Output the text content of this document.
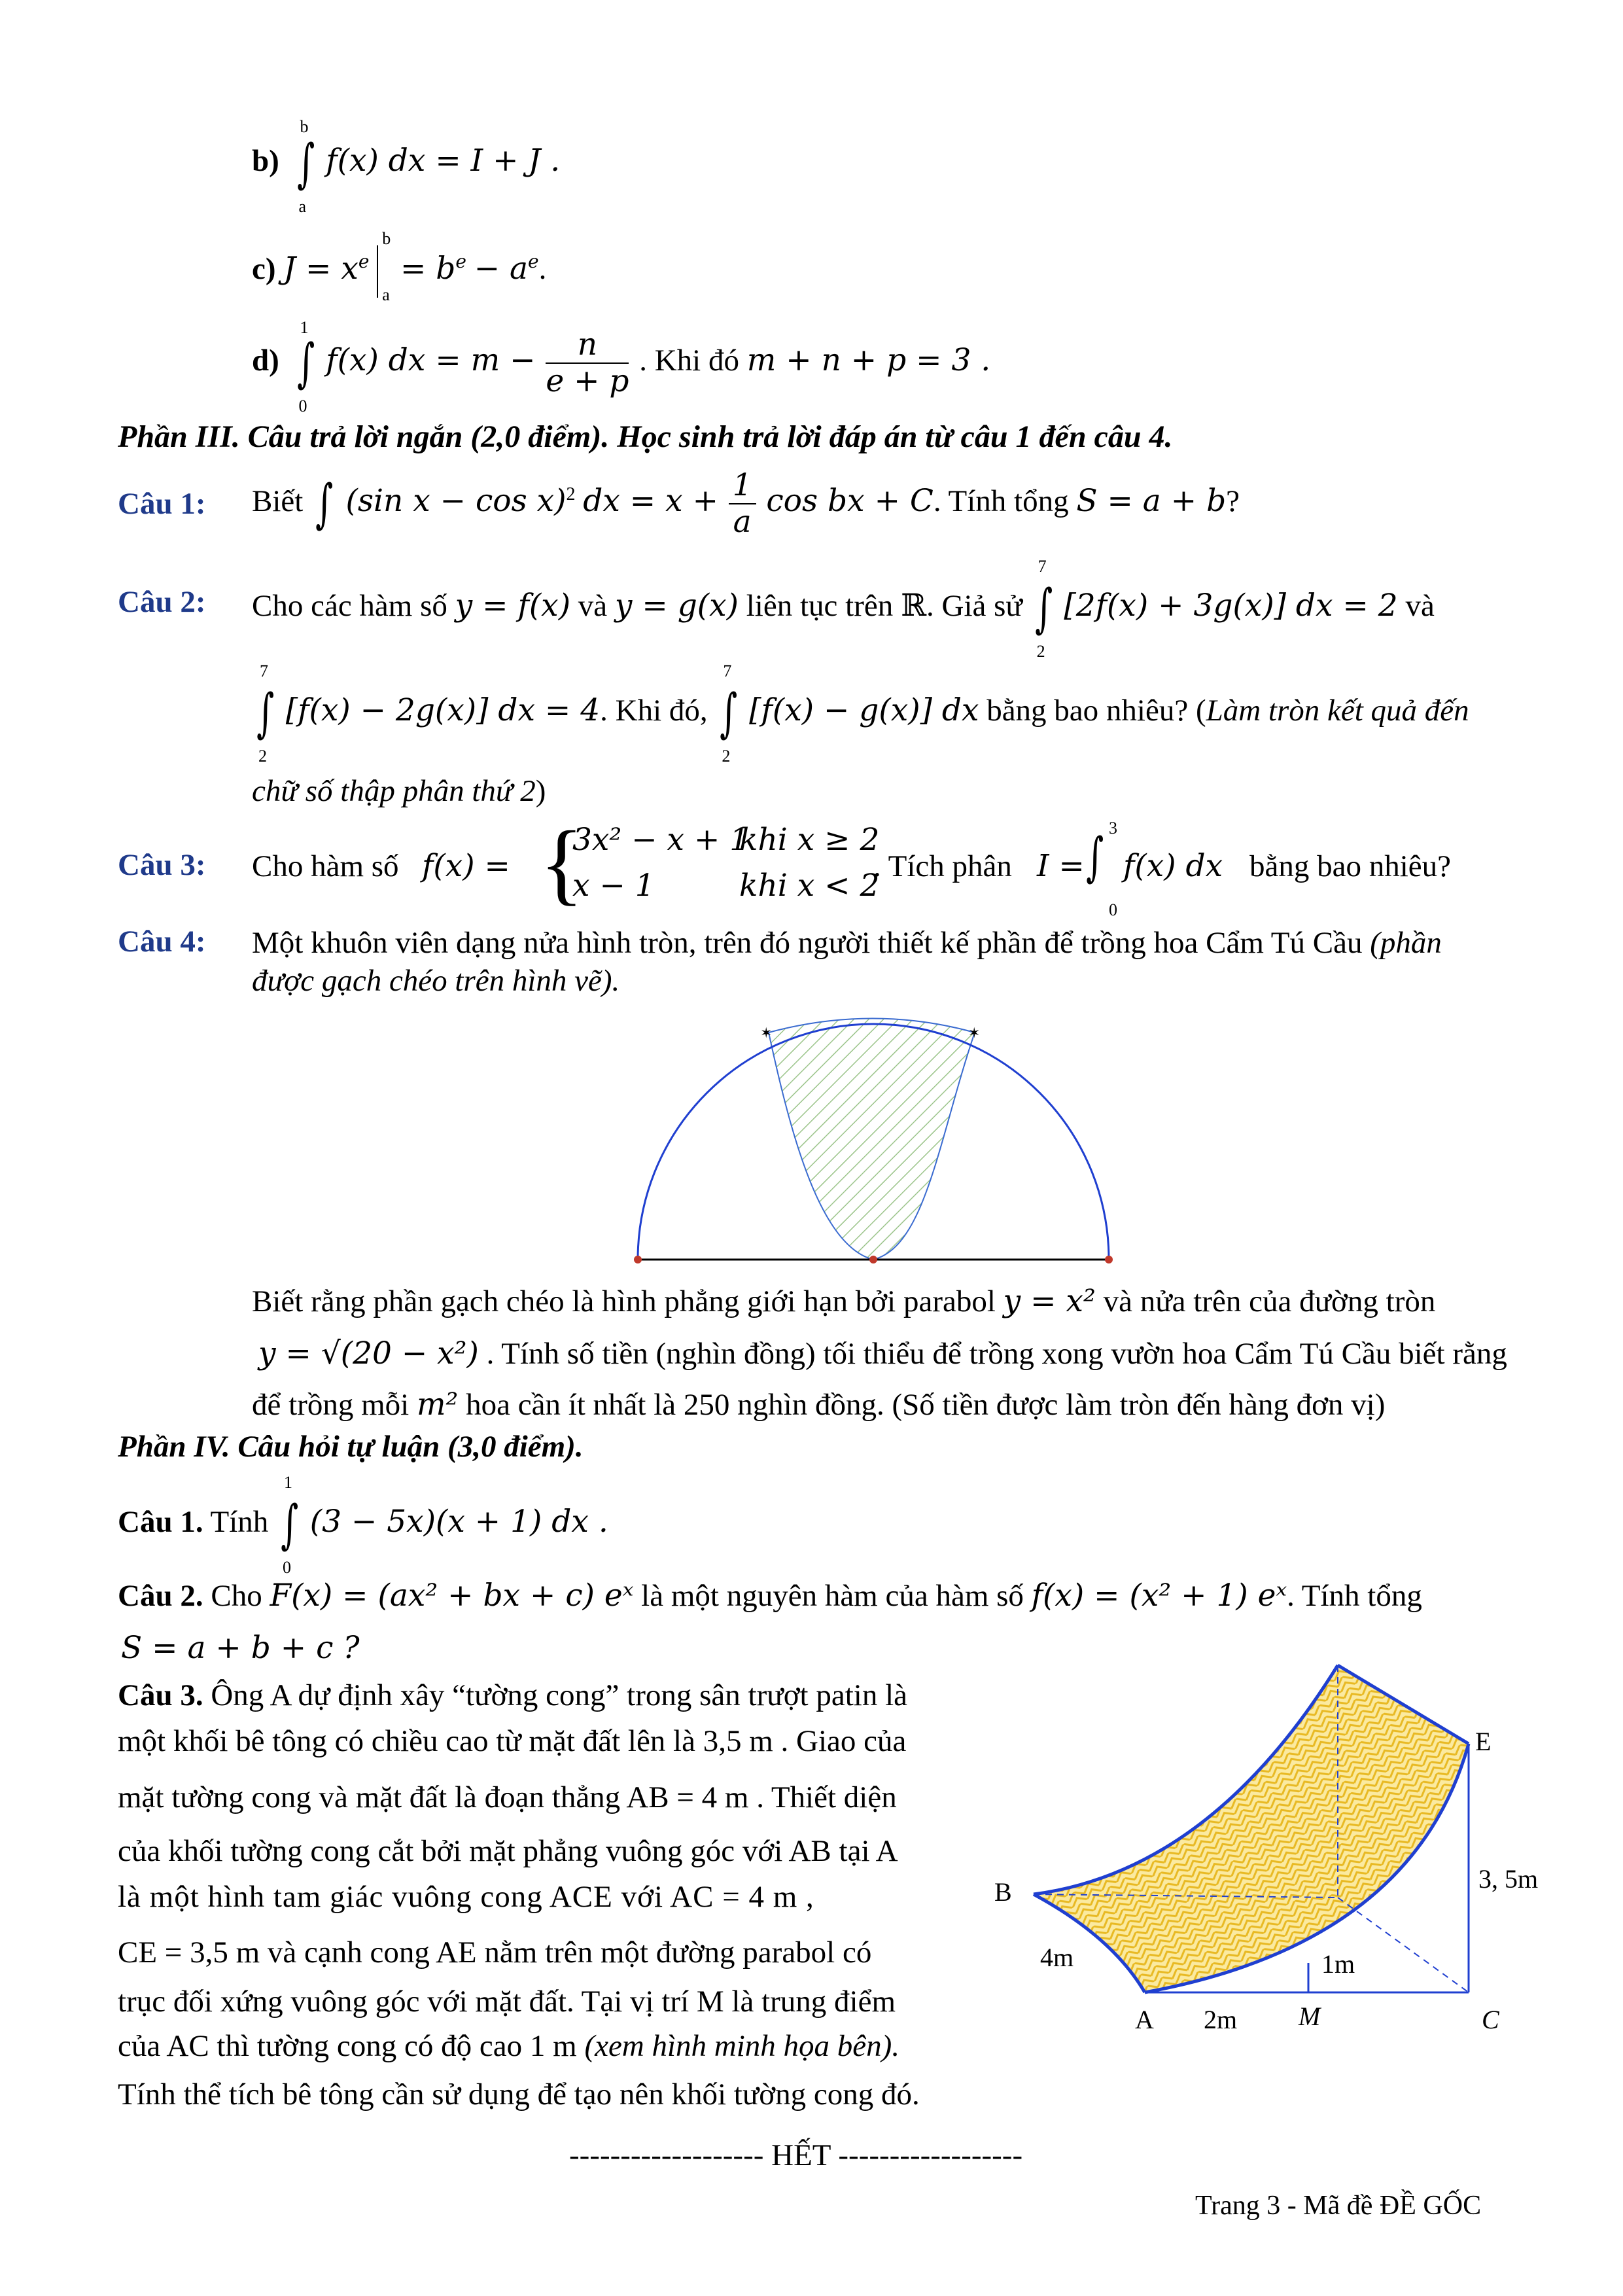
b) ∫
b
a
f(x) dx = I + J .
c) $J = x^e$
b
a
= $b^e - a^e$.
d) ∫
1
0
f(x) dx = $m - \frac{n}{e + p}$ . Khi đó m + n + p = 3 .
Phần III. Câu trả lời ngắn (2,0 điểm). Học sinh trả lời đáp án từ câu 1 đến câu 4.
Câu 1: Biết ∫ (sin x − cos x)$^2$ dx = $x + \frac{1}{a}$ cos bx + C. Tính tổng S = a + b?
Câu 2: Cho các hàm số y = f(x) và y = g(x) liên tục trên ℝ. Giả sử ∫
7
2
[2f(x) + 3g(x)] dx = 2 và
∫
7
2
[f(x) − 2g(x)] dx = 4. Khi đó, ∫
7
2
[f(x) − g(x)] dx bằng bao nhiêu? (Làm tròn kết quả đến
chữ số thập phân thứ 2)
Câu 3: Cho hàm số f(x) = {
3x² − x + 1
khi x ≥ 2
x − 1	khi x < 2
. Tích phân I = ∫ 3
0
f(x) dx bằng bao nhiêu?
Câu 4: Một khuôn viên dạng nửa hình tròn, trên đó người thiết kế phần để trồng hoa Cẩm Tú Cầu (phần
được gạch chéo trên hình vẽ).
✶	✶
Biết rằng phần gạch chéo là hình phẳng giới hạn bởi parabol y = x² và nửa trên của đường tròn
y = √(20 − x²) . Tính số tiền (nghìn đồng) tối thiểu để trồng xong vườn hoa Cẩm Tú Cầu biết rằng
để trồng mỗi m² hoa cần ít nhất là 250 nghìn đồng. (Số tiền được làm tròn đến hàng đơn vị)
Phần IV. Câu hỏi tự luận (3,0 điểm).
Câu 1. Tính ∫
1
0
(3 − 5x)(x + 1) dx .
Câu 2. Cho F(x) = (ax² + bx + c) eˣ là một nguyên hàm của hàm số f(x) = (x² + 1) eˣ. Tính tổng
S = a + b + c ?
Câu 3. Ông A dự định xây “tường cong” trong sân trượt patin là
một khối bê tông có chiều cao từ mặt đất lên là 3,5 m . Giao của
mặt tường cong và mặt đất là đoạn thẳng AB = 4 m . Thiết diện
của khối tường cong cắt bởi mặt phẳng vuông góc với AB tại A
là một hình tam giác vuông cong ACE với AC = 4 m ,
CE = 3,5 m và cạnh cong AE nằm trên một đường parabol có
trục đối xứng vuông góc với mặt đất. Tại vị trí M là trung điểm
của AC thì tường cong có độ cao 1 m (xem hình minh họa bên).
Tính thể tích bê tông cần sử dụng để tạo nên khối tường cong đó.
B
E
A	M	C
3, 5m
4m
2m
1m
------------------- HẾT ------------------
Trang 3 - Mã đề ĐỀ GỐC
